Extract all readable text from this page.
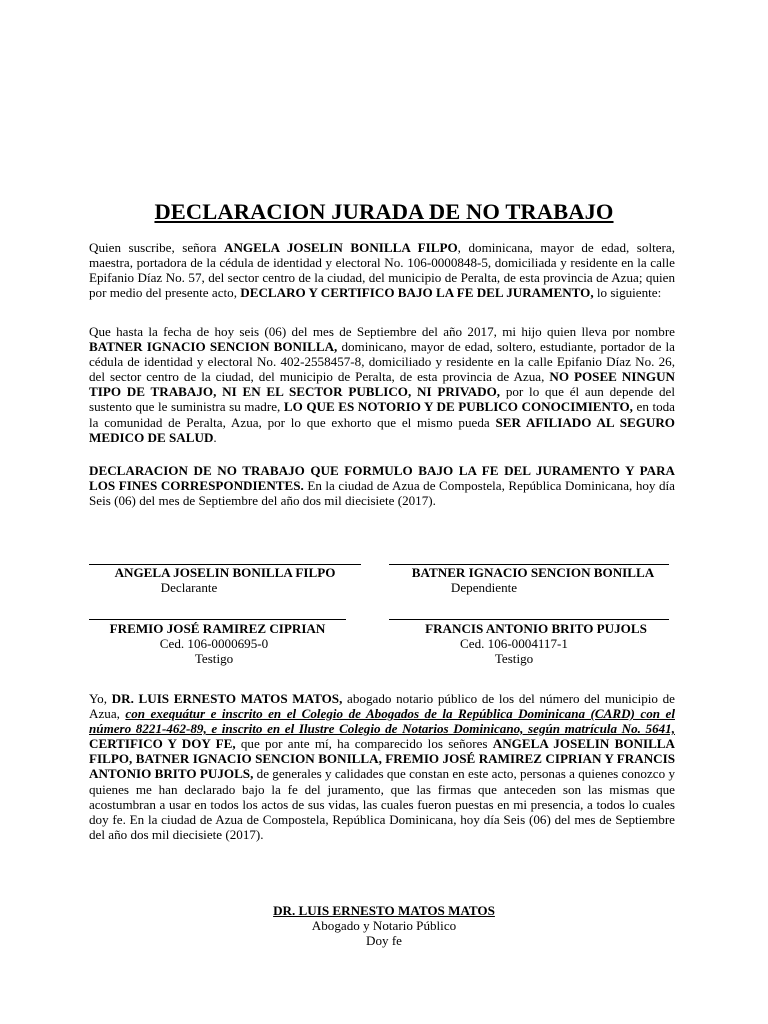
DECLARACION JURADA DE NO TRABAJO

Quien suscribe, señora ANGELA JOSELIN BONILLA FILPO, dominicana, mayor de edad, soltera, maestra, portadora de la cédula de identidad y electoral No. 106-0000848-5, domiciliada y residente en la calle Epifanio Díaz No. 57, del sector centro de la ciudad, del municipio de Peralta, de esta provincia de Azua; quien por medio del presente acto, DECLARO Y CERTIFICO BAJO LA FE DEL JURAMENTO, lo siguiente:

Que hasta la fecha de hoy seis (06) del mes de Septiembre del año 2017, mi hijo quien lleva por nombre BATNER IGNACIO SENCION BONILLA, dominicano, mayor de edad, soltero, estudiante, portador de la cédula de identidad y electoral No. 402-2558457-8, domiciliado y residente en la calle Epifanio Díaz No. 26, del sector centro de la ciudad, del municipio de Peralta, de esta provincia de Azua, NO POSEE NINGUN TIPO DE TRABAJO, NI EN EL SECTOR PUBLICO, NI PRIVADO, por lo que él aun depende del sustento que le suministra su madre, LO QUE ES NOTORIO Y DE PUBLICO CONOCIMIENTO, en toda la comunidad de Peralta, Azua, por lo que exhorto que el mismo pueda SER AFILIADO AL SEGURO MEDICO DE SALUD.

DECLARACION DE NO TRABAJO QUE FORMULO BAJO LA FE DEL JURAMENTO Y PARA LOS FINES CORRESPONDIENTES. En la ciudad de Azua de Compostela, República Dominicana, hoy día Seis (06) del mes de Septiembre del año dos mil diecisiete (2017).

ANGELA JOSELIN BONILLA FILPO
Declarante
BATNER IGNACIO SENCION BONILLA
Dependiente
FREMIO JOSÉ RAMIREZ CIPRIAN
Ced. 106-0000695-0
Testigo
FRANCIS ANTONIO BRITO PUJOLS
Ced. 106-0004117-1
Testigo

Yo, DR. LUIS ERNESTO MATOS MATOS, abogado notario público de los del número del municipio de Azua, con exequátur e inscrito en el Colegio de Abogados de la República Dominicana (CARD) con el número 8221-462-89, e inscrito en el Ilustre Colegio de Notarios Dominicano, según matrícula No. 5641, CERTIFICO Y DOY FE, que por ante mí, ha comparecido los señores ANGELA JOSELIN BONILLA FILPO, BATNER IGNACIO SENCION BONILLA, FREMIO JOSÉ RAMIREZ CIPRIAN Y FRANCIS ANTONIO BRITO PUJOLS, de generales y calidades que constan en este acto, personas a quienes conozco y quienes me han declarado bajo la fe del juramento, que las firmas que anteceden son las mismas que acostumbran a usar en todos los actos de sus vidas, las cuales fueron puestas en mi presencia, a todos lo cuales doy fe. En la ciudad de Azua de Compostela, República Dominicana, hoy día Seis (06) del mes de Septiembre del año dos mil diecisiete (2017).

DR. LUIS ERNESTO MATOS MATOS
Abogado y Notario Público
Doy fe
